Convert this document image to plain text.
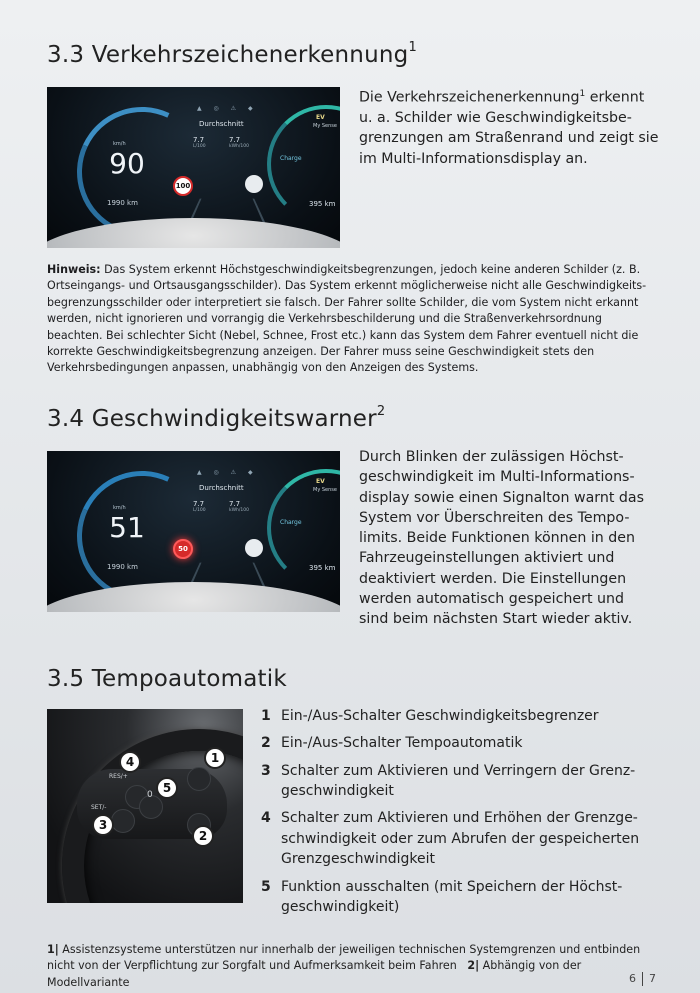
3.3 Verkehrszeichenerkennung$^1$
▲ ◎ ⚠ ◆
km/h
90
1990 km
Durchschnitt
7.7
L/100
7.7
kWh/100
EV
My Sense
Charge
395 km
100
Die Verkehrszeichenerkennung$^1$ erkennt u. a. Schilder wie Geschwindigkeitsbe-grenzungen am Straßenrand und zeigt sie im Multi-Informationsdisplay an.
Hinweis: Das System erkennt Höchstgeschwindigkeitsbegrenzungen, jedoch keine anderen Schilder (z. B. Ortseingangs- und Ortsausgangsschilder). Das System erkennt möglicherweise nicht alle Geschwindigkeits-begrenzungsschilder oder interpretiert sie falsch. Der Fahrer sollte Schilder, die vom System nicht erkannt werden, nicht ignorieren und vorrangig die Verkehrsbeschilderung und die Straßenverkehrsordnung beachten. Bei schlechter Sicht (Nebel, Schnee, Frost etc.) kann das System dem Fahrer eventuell nicht die korrekte Geschwindigkeitsbegrenzung anzeigen. Der Fahrer muss seine Geschwindigkeit stets den Verkehrsbedingungen anpassen, unabhängig von den Anzeigen des Systems.
3.4 Geschwindigkeitswarner$^2$
▲ ◎ ⚠ ◆
km/h
51
1990 km
Durchschnitt
7.7
L/100
7.7
kWh/100
EV
My Sense
Charge
395 km
50
Durch Blinken der zulässigen Höchst-geschwindigkeit im Multi-Informations-display sowie einen Signalton warnt das System vor Überschreiten des Tempo-limits. Beide Funktionen können in den Fahrzeugeinstellungen aktiviert und deaktiviert werden. Die Einstellungen werden automatisch gespeichert und sind beim nächsten Start wieder aktiv.
3.5 Tempoautomatik
RES/+
SET/-
0
1
2
3
4
5
1 Ein-/Aus-Schalter Geschwindigkeitsbegrenzer
2 Ein-/Aus-Schalter Tempoautomatik
3 Schalter zum Aktivieren und Verringern der Grenz-geschwindigkeit
4 Schalter zum Aktivieren und Erhöhen der Grenzge-schwindigkeit oder zum Abrufen der gespeicherten Grenzgeschwindigkeit
5 Funktion ausschalten (mit Speichern der Höchst-geschwindigkeit)
1| Assistenzsysteme unterstützen nur innerhalb der jeweiligen technischen Systemgrenzen und entbinden nicht von der Verpflichtung zur Sorgfalt und Aufmerksamkeit beim Fahren 2| Abhängig von der Modellvariante	6 7
